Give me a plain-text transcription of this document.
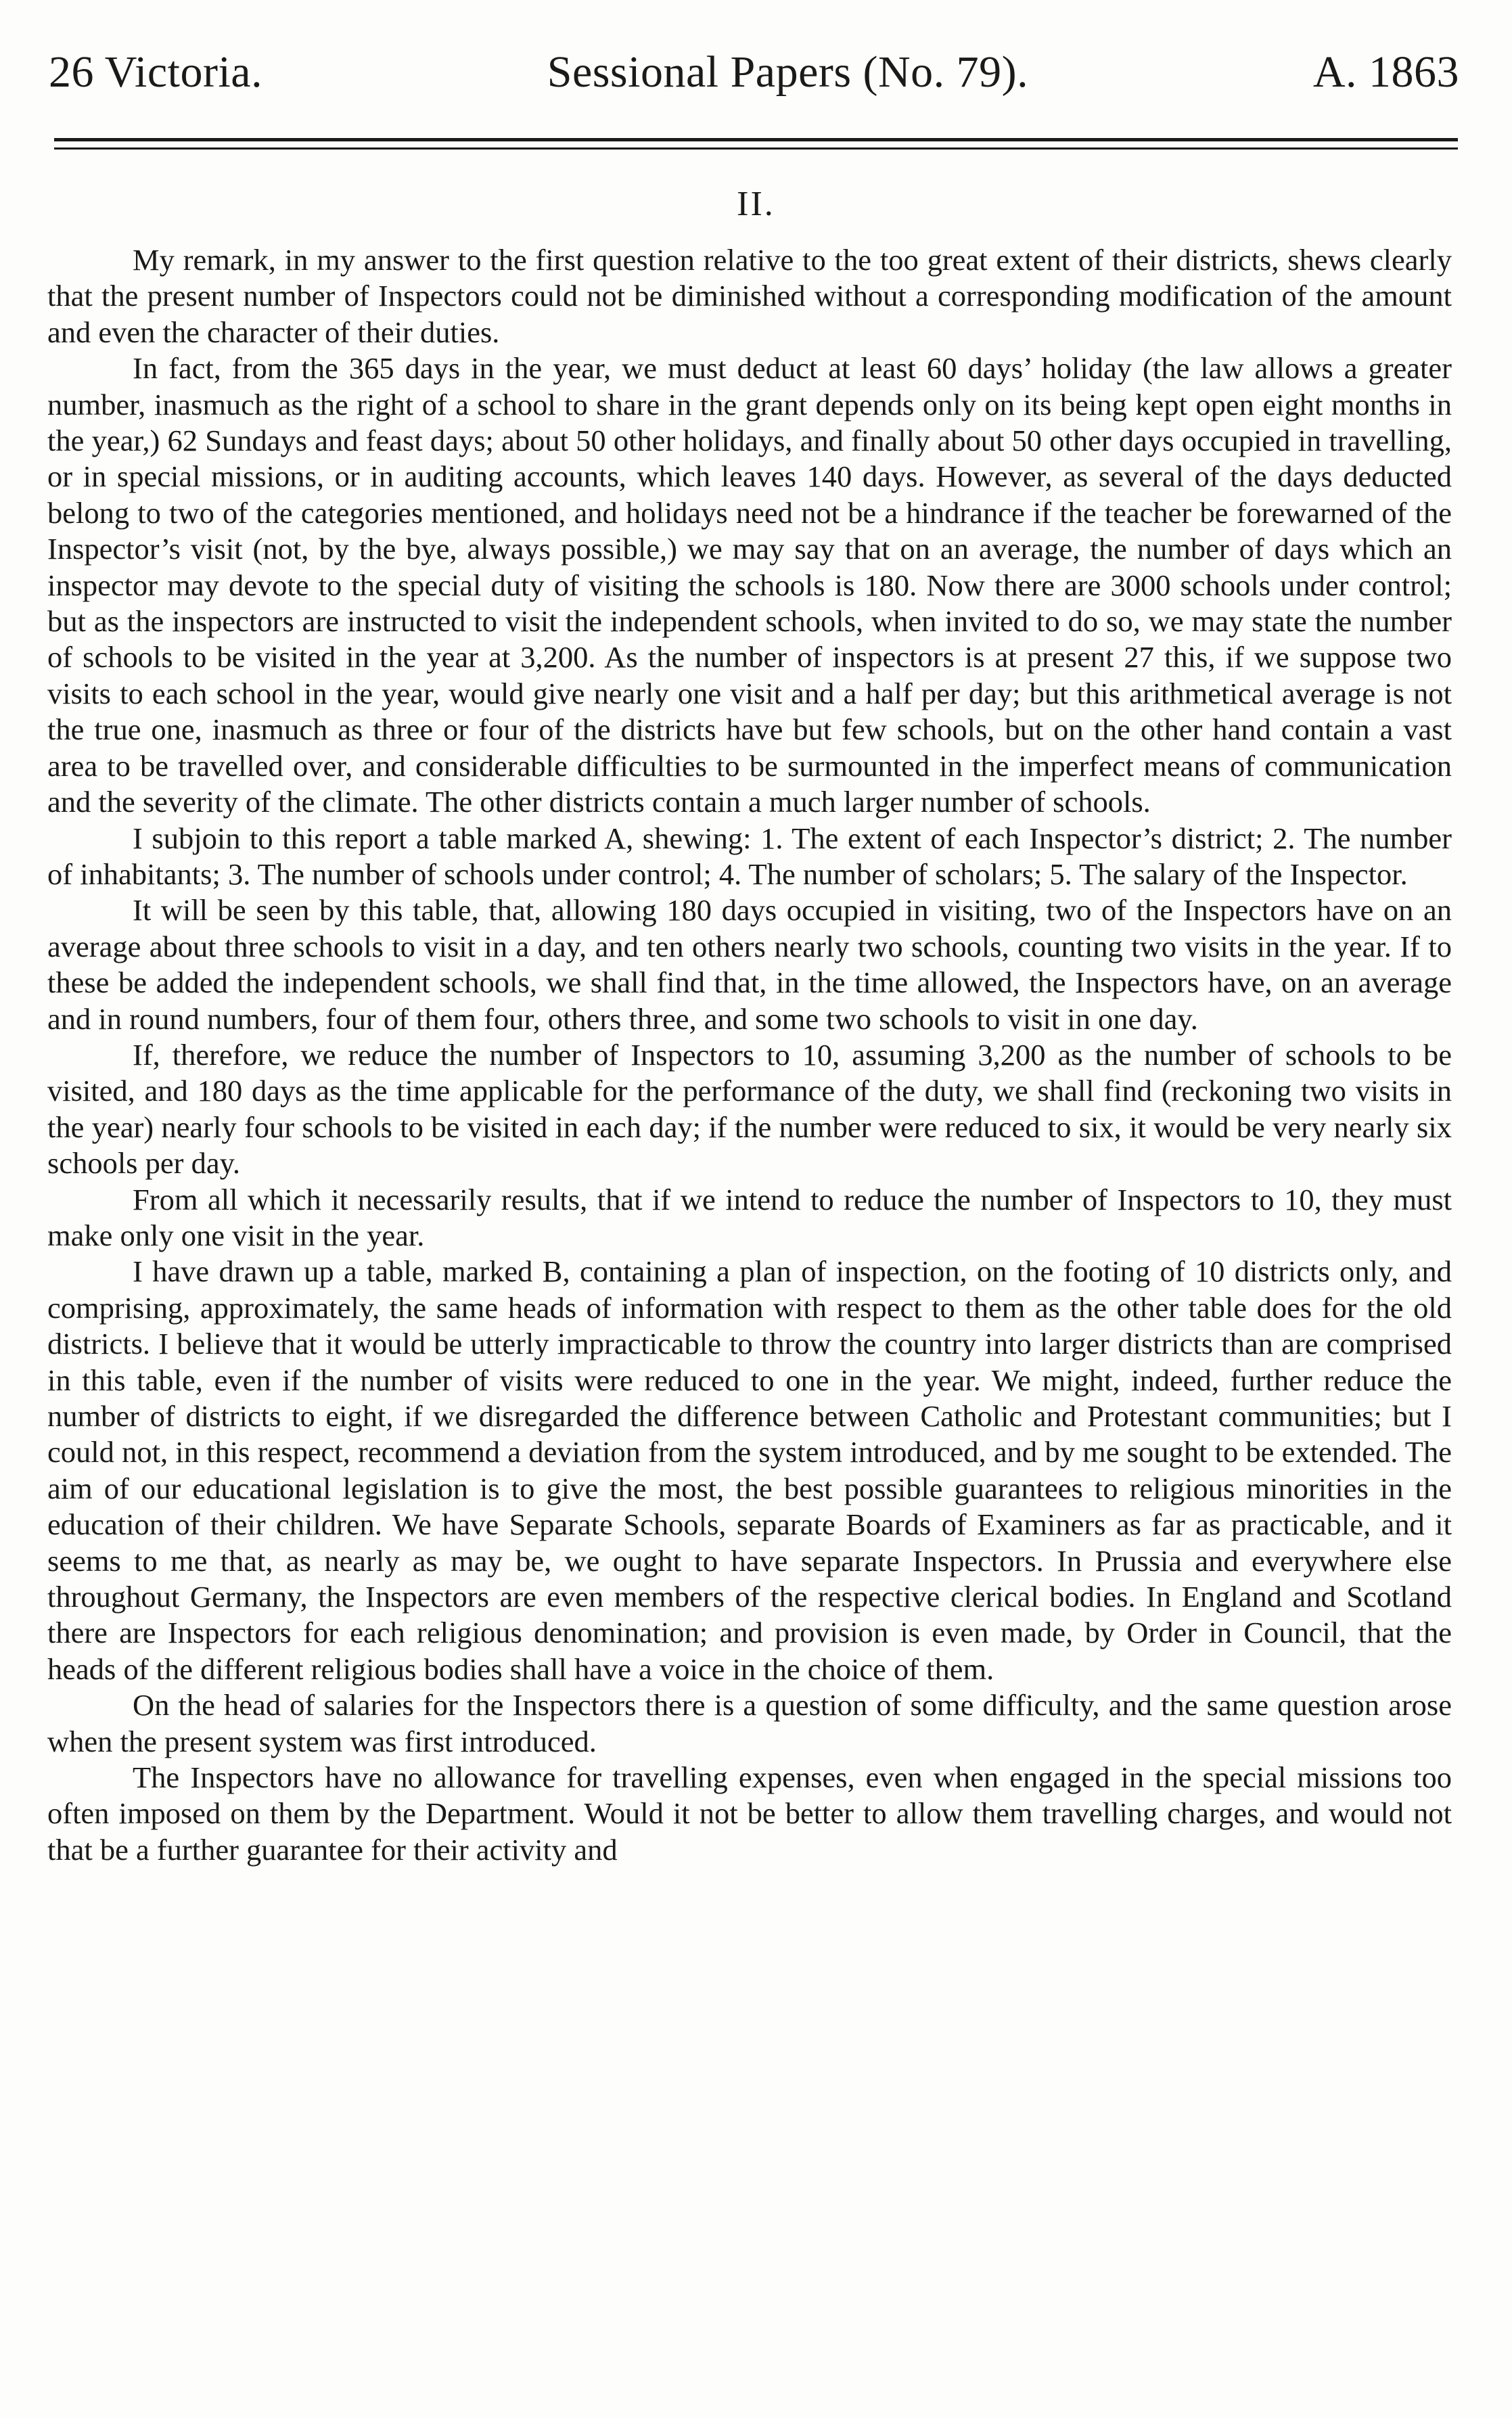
26 Victoria.	Sessional Papers (No. 79).	A. 1863
II.

My remark, in my answer to the first question relative to the too great extent of their districts, shews clearly that the present number of Inspectors could not be diminished without a corresponding modification of the amount and even the character of their duties.

In fact, from the 365 days in the year, we must deduct at least 60 days’ holiday (the law allows a greater number, inasmuch as the right of a school to share in the grant depends only on its being kept open eight months in the year,) 62 Sundays and feast days; about 50 other holidays, and finally about 50 other days occupied in travelling, or in special missions, or in auditing accounts, which leaves 140 days. However, as several of the days deducted belong to two of the categories mentioned, and holidays need not be a hindrance if the teacher be forewarned of the Inspector’s visit (not, by the bye, always possible,) we may say that on an average, the number of days which an inspector may devote to the special duty of visiting the schools is 180. Now there are 3000 schools under control; but as the inspectors are instructed to visit the independent schools, when invited to do so, we may state the number of schools to be visited in the year at 3,200. As the number of inspectors is at present 27 this, if we suppose two visits to each school in the year, would give nearly one visit and a half per day; but this arithmetical average is not the true one, inasmuch as three or four of the districts have but few schools, but on the other hand contain a vast area to be travelled over, and considerable difficulties to be surmounted in the imperfect means of communication and the severity of the climate. The other districts contain a much larger number of schools.

I subjoin to this report a table marked A, shewing: 1. The extent of each Inspector’s district; 2. The number of inhabitants; 3. The number of schools under control; 4. The number of scholars; 5. The salary of the Inspector.

It will be seen by this table, that, allowing 180 days occupied in visiting, two of the Inspectors have on an average about three schools to visit in a day, and ten others nearly two schools, counting two visits in the year. If to these be added the independent schools, we shall find that, in the time allowed, the Inspectors have, on an average and in round numbers, four of them four, others three, and some two schools to visit in one day.

If, therefore, we reduce the number of Inspectors to 10, assuming 3,200 as the number of schools to be visited, and 180 days as the time applicable for the performance of the duty, we shall find (reckoning two visits in the year) nearly four schools to be visited in each day; if the number were reduced to six, it would be very nearly six schools per day.

From all which it necessarily results, that if we intend to reduce the number of Inspectors to 10, they must make only one visit in the year.

I have drawn up a table, marked B, containing a plan of inspection, on the footing of 10 districts only, and comprising, approximately, the same heads of information with respect to them as the other table does for the old districts. I believe that it would be utterly impracticable to throw the country into larger districts than are comprised in this table, even if the number of visits were reduced to one in the year. We might, indeed, further reduce the number of districts to eight, if we disregarded the difference between Catholic and Protestant communities; but I could not, in this respect, recommend a deviation from the system introduced, and by me sought to be extended. The aim of our educational legislation is to give the most, the best possible guarantees to religious minorities in the education of their children. We have Separate Schools, separate Boards of Examiners as far as practicable, and it seems to me that, as nearly as may be, we ought to have separate Inspectors. In Prussia and everywhere else throughout Germany, the Inspectors are even members of the respective clerical bodies. In England and Scotland there are Inspectors for each religious denomination; and provision is even made, by Order in Council, that the heads of the different religious bodies shall have a voice in the choice of them.

On the head of salaries for the Inspectors there is a question of some difficulty, and the same question arose when the present system was first introduced.

The Inspectors have no allowance for travelling expenses, even when engaged in the special missions too often imposed on them by the Department. Would it not be better to allow them travelling charges, and would not that be a further guarantee for their activity and
